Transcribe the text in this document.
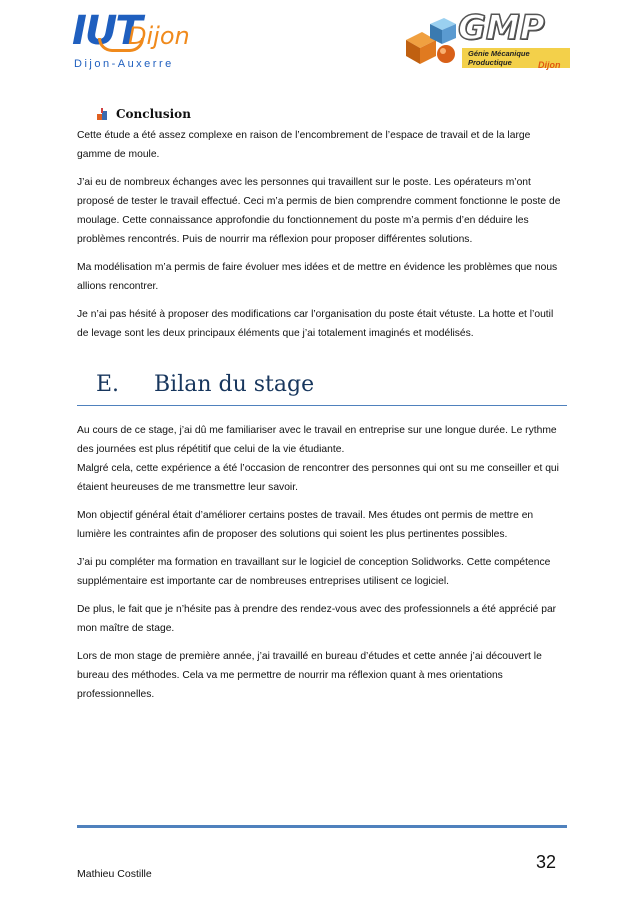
IUT
Dijon
Dijon-Auxerre
GMP
Génie Mécanique Productique	Dijon
Conclusion

Cette étude a été assez complexe en raison de l’encombrement de l’espace de travail et de la large gamme de moule.

J’ai eu de nombreux échanges avec les personnes qui travaillent sur le poste. Les opérateurs m’ont proposé de tester le travail effectué. Ceci m’a permis de bien comprendre comment fonctionne le poste de moulage. Cette connaissance approfondie du fonctionnement du poste m’a permis d’en déduire les problèmes rencontrés. Puis de nourrir ma réflexion pour proposer différentes solutions.

Ma modélisation m’a permis de faire évoluer mes idées et de mettre en évidence les problèmes que nous allions rencontrer.

Je n’ai pas hésité à proposer des modifications car l’organisation du poste était vétuste. La hotte et l’outil de levage sont les deux principaux éléments que j’ai totalement imaginés et modélisés.

E.	Bilan du stage

Au cours de ce stage, j’ai dû me familiariser avec le travail en entreprise sur une longue durée. Le rythme des journées est plus répétitif que celui de la vie étudiante.

Malgré cela, cette expérience a été l’occasion de rencontrer des personnes qui ont su me conseiller et qui étaient heureuses de me transmettre leur savoir.

Mon objectif général était d’améliorer certains postes de travail. Mes études ont permis de mettre en lumière les contraintes afin de proposer des solutions qui soient les plus pertinentes possibles.

J’ai pu compléter ma formation en travaillant sur le logiciel de conception Solidworks. Cette compétence supplémentaire est importante car de nombreuses entreprises utilisent ce logiciel.

De plus, le fait que je n’hésite pas à prendre des rendez-vous avec des professionnels a été apprécié par mon maître de stage.

Lors de mon stage de première année, j’ai travaillé en bureau d’études et cette année j’ai découvert le bureau des méthodes. Cela va me permettre de nourrir ma réflexion quant à mes orientations professionnelles.

32
Mathieu Costille
